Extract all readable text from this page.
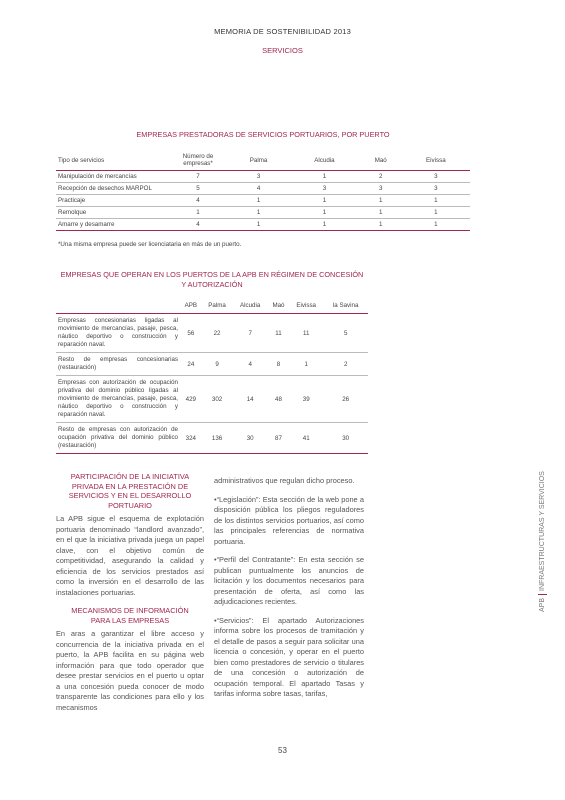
MEMORIA DE SOSTENIBILIDAD 2013
SERVICIOS
EMPRESAS PRESTADORAS DE SERVICIOS PORTUARIOS, POR PUERTO
Tipo de servicios	Número de empresas*	Palma	Alcudia	Maó	Eivissa
Manipulación de mercancías	7	3	1	2	3
Recepción de desechos MARPOL	5	4	3	3	3
Practicaje	4	1	1	1	1
Remolque	1	1	1	1	1
Amarre y desamarre	4	1	1	1	1
*Una misma empresa puede ser licenciataria en más de un puerto.
EMPRESAS QUE OPERAN EN LOS PUERTOS DE LA APB EN RÉGIMEN DE CONCESIÓN
Y AUTORIZACIÓN
	APB	Palma	Alcudia	Maó	Eivissa	la Savina
Empresas concesionarias ligadas al movimiento de mercancías, pasaje, pesca, náutico deportivo o construcción y reparación naval.	56	22	7	11	11	5
Resto de empresas concesionarias (restauración)	24	9	4	8	1	2
Empresas con autorización de ocupación privativa del dominio público ligadas al movimiento de mercancías, pasaje, pesca, náutico deportivo o construcción y reparación naval.	429	302	14	48	39	26
Resto de empresas con autorización de ocupación privativa del dominio público (restauración)	324	136	30	87	41	30

PARTICIPACIÓN DE LA INICIATIVA PRIVADA EN LA PRESTACIÓN DE SERVICIOS Y EN EL DESARROLLO PORTUARIO

La APB sigue el esquema de explotación portuaria denominado “landlord avanzado”, en el que la iniciativa privada juega un papel clave, con el objetivo común de competitividad, asegurando la calidad y eficiencia de los servicios prestados así como la inversión en el desarrollo de las instalaciones portuarias.

MECANISMOS DE INFORMACIÓN PARA LAS EMPRESAS

En aras a garantizar el libre acceso y concurrencia de la iniciativa privada en el puerto, la APB facilita en su página web información para que todo operador que desee prestar servicios en el puerto u optar a una concesión pueda conocer de modo transparente las condiciones para ello y los mecanismos

administrativos que regulan dicho proceso.

•“Legislación”: Esta sección de la web pone a disposición pública los pliegos reguladores de los distintos servicios portuarios, así como las principales referencias de normativa portuaria.

•“Perfil del Contratante”: En esta sección se publican puntualmente los anuncios de licitación y los documentos necesarios para presentación de oferta, así como las adjudicaciones recientes.

•“Servicios”: El apartado Autorizaciones informa sobre los procesos de tramitación y el detalle de pasos a seguir para solicitar una licencia o concesión, y operar en el puerto bien como prestadores de servicio o titulares de una concesión o autorización de ocupación temporal. El apartado Tasas y tarifas informa sobre tasas, tarifas,

APB
INFRAESTRUCTURAS Y SERVICIOS
53
